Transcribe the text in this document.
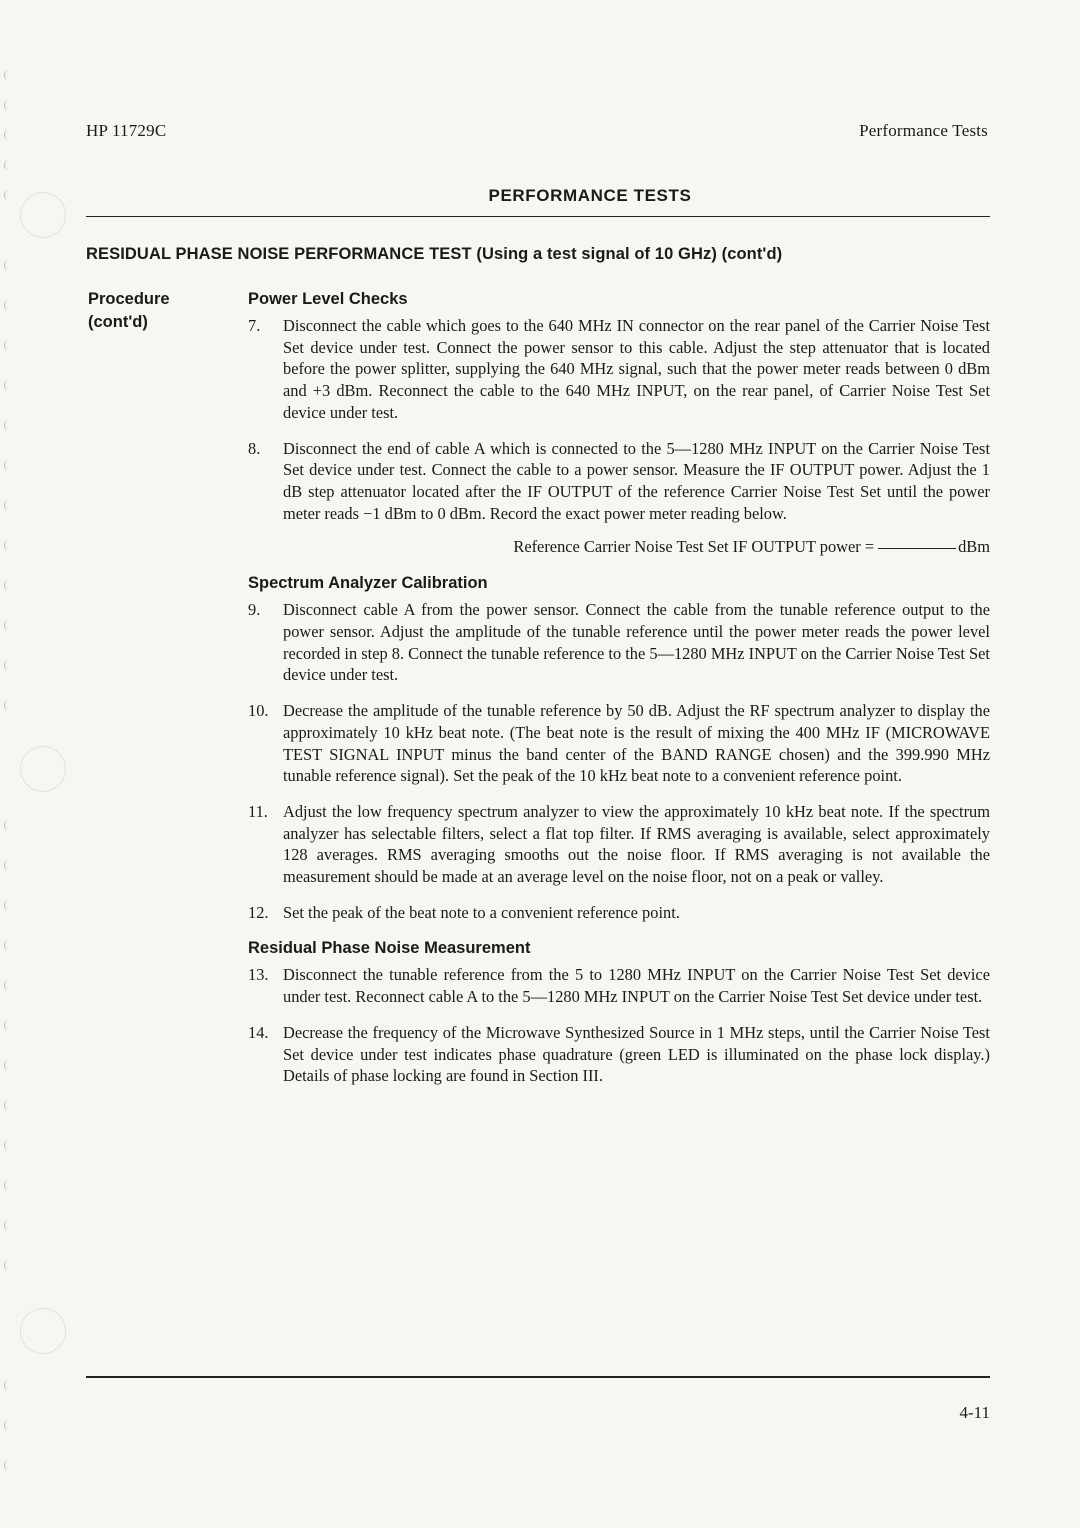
HP 11729C	Performance Tests
PERFORMANCE TESTS
RESIDUAL PHASE NOISE PERFORMANCE TEST (Using a test signal of 10 GHz) (cont'd)
Procedure
(cont'd)
Power Level Checks
7. Disconnect the cable which goes to the 640 MHz IN connector on the rear panel of the Carrier Noise Test Set device under test. Connect the power sensor to this cable. Adjust the step attenuator that is located before the power splitter, supplying the 640 MHz signal, such that the power meter reads between 0 dBm and +3 dBm. Reconnect the cable to the 640 MHz INPUT, on the rear panel, of Carrier Noise Test Set device under test.
8. Disconnect the end of cable A which is connected to the 5—1280 MHz INPUT on the Carrier Noise Test Set device under test. Connect the cable to a power sensor. Measure the IF OUTPUT power. Adjust the 1 dB step attenuator located after the IF OUTPUT of the reference Carrier Noise Test Set until the power meter reads −1 dBm to 0 dBm. Record the exact power meter reading below.
Reference Carrier Noise Test Set IF OUTPUT power =	dBm
Spectrum Analyzer Calibration
9. Disconnect cable A from the power sensor. Connect the cable from the tunable reference output to the power sensor. Adjust the amplitude of the tunable reference until the power meter reads the power level recorded in step 8. Connect the tunable reference to the 5—1280 MHz INPUT on the Carrier Noise Test Set device under test.
10. Decrease the amplitude of the tunable reference by 50 dB. Adjust the RF spectrum analyzer to display the approximately 10 kHz beat note. (The beat note is the result of mixing the 400 MHz IF (MICROWAVE TEST SIGNAL INPUT minus the band center of the BAND RANGE chosen) and the 399.990 MHz tunable reference signal). Set the peak of the 10 kHz beat note to a convenient reference point.
11. Adjust the low frequency spectrum analyzer to view the approximately 10 kHz beat note. If the spectrum analyzer has selectable filters, select a flat top filter. If RMS averaging is available, select approximately 128 averages. RMS averaging smooths out the noise floor. If RMS averaging is not available the measurement should be made at an average level on the noise floor, not on a peak or valley.
12. Set the peak of the beat note to a convenient reference point.
Residual Phase Noise Measurement
13. Disconnect the tunable reference from the 5 to 1280 MHz INPUT on the Carrier Noise Test Set device under test. Reconnect cable A to the 5—1280 MHz INPUT on the Carrier Noise Test Set device under test.
14. Decrease the frequency of the Microwave Synthesized Source in 1 MHz steps, until the Carrier Noise Test Set device under test indicates phase quadrature (green LED is illuminated on the phase lock display.) Details of phase locking are found in Section III.
4-11
